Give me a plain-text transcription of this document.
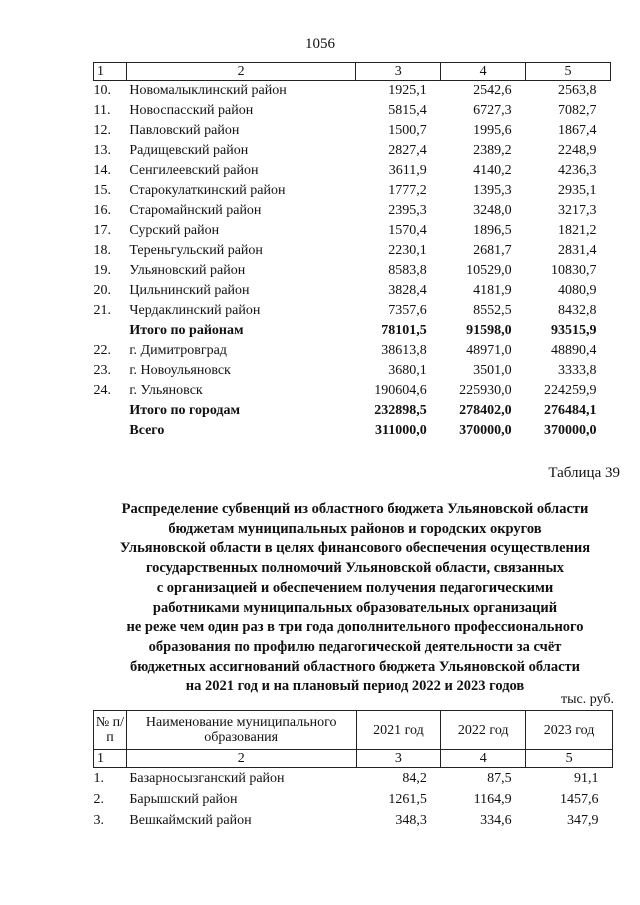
1056
1	2	3	4	5
10.	Новомалыклинский район	1925,1	2542,6	2563,8
11.	Новоспасский район	5815,4	6727,3	7082,7
12.	Павловский район	1500,7	1995,6	1867,4
13.	Радищевский район	2827,4	2389,2	2248,9
14.	Сенгилеевский район	3611,9	4140,2	4236,3
15.	Старокулаткинский район	1777,2	1395,3	2935,1
16.	Старомайнский район	2395,3	3248,0	3217,3
17.	Сурский район	1570,4	1896,5	1821,2
18.	Тереньгульский район	2230,1	2681,7	2831,4
19.	Ульяновский район	8583,8	10529,0	10830,7
20.	Цильнинский район	3828,4	4181,9	4080,9
21.	Чердаклинский район	7357,6	8552,5	8432,8
	Итого по районам	78101,5	91598,0	93515,9
22.	г. Димитровград	38613,8	48971,0	48890,4
23.	г. Новоульяновск	3680,1	3501,0	3333,8
24.	г. Ульяновск	190604,6	225930,0	224259,9
	Итого по городам	232898,5	278402,0	276484,1
	Всего	311000,0	370000,0	370000,0
Таблица 39
Распределение субвенций из областного бюджета Ульяновской области
бюджетам муниципальных районов и городских округов
Ульяновской области в целях финансового обеспечения осуществления
государственных полномочий Ульяновской области, связанных
с организацией и обеспечением получения педагогическими
работниками муниципальных образовательных организаций
не реже чем один раз в три года дополнительного профессионального
образования по профилю педагогической деятельности за счёт
бюджетных ассигнований областного бюджета Ульяновской области
на 2021 год и на плановый период 2022 и 2023 годов
тыс. руб.
№ п/п	Наименование муниципального образования	2021 год	2022 год	2023 год
1	2	3	4	5
1.	Базарносызганский район	84,2	87,5	91,1
2.	Барышский район	1261,5	1164,9	1457,6
3.	Вешкаймский район	348,3	334,6	347,9
